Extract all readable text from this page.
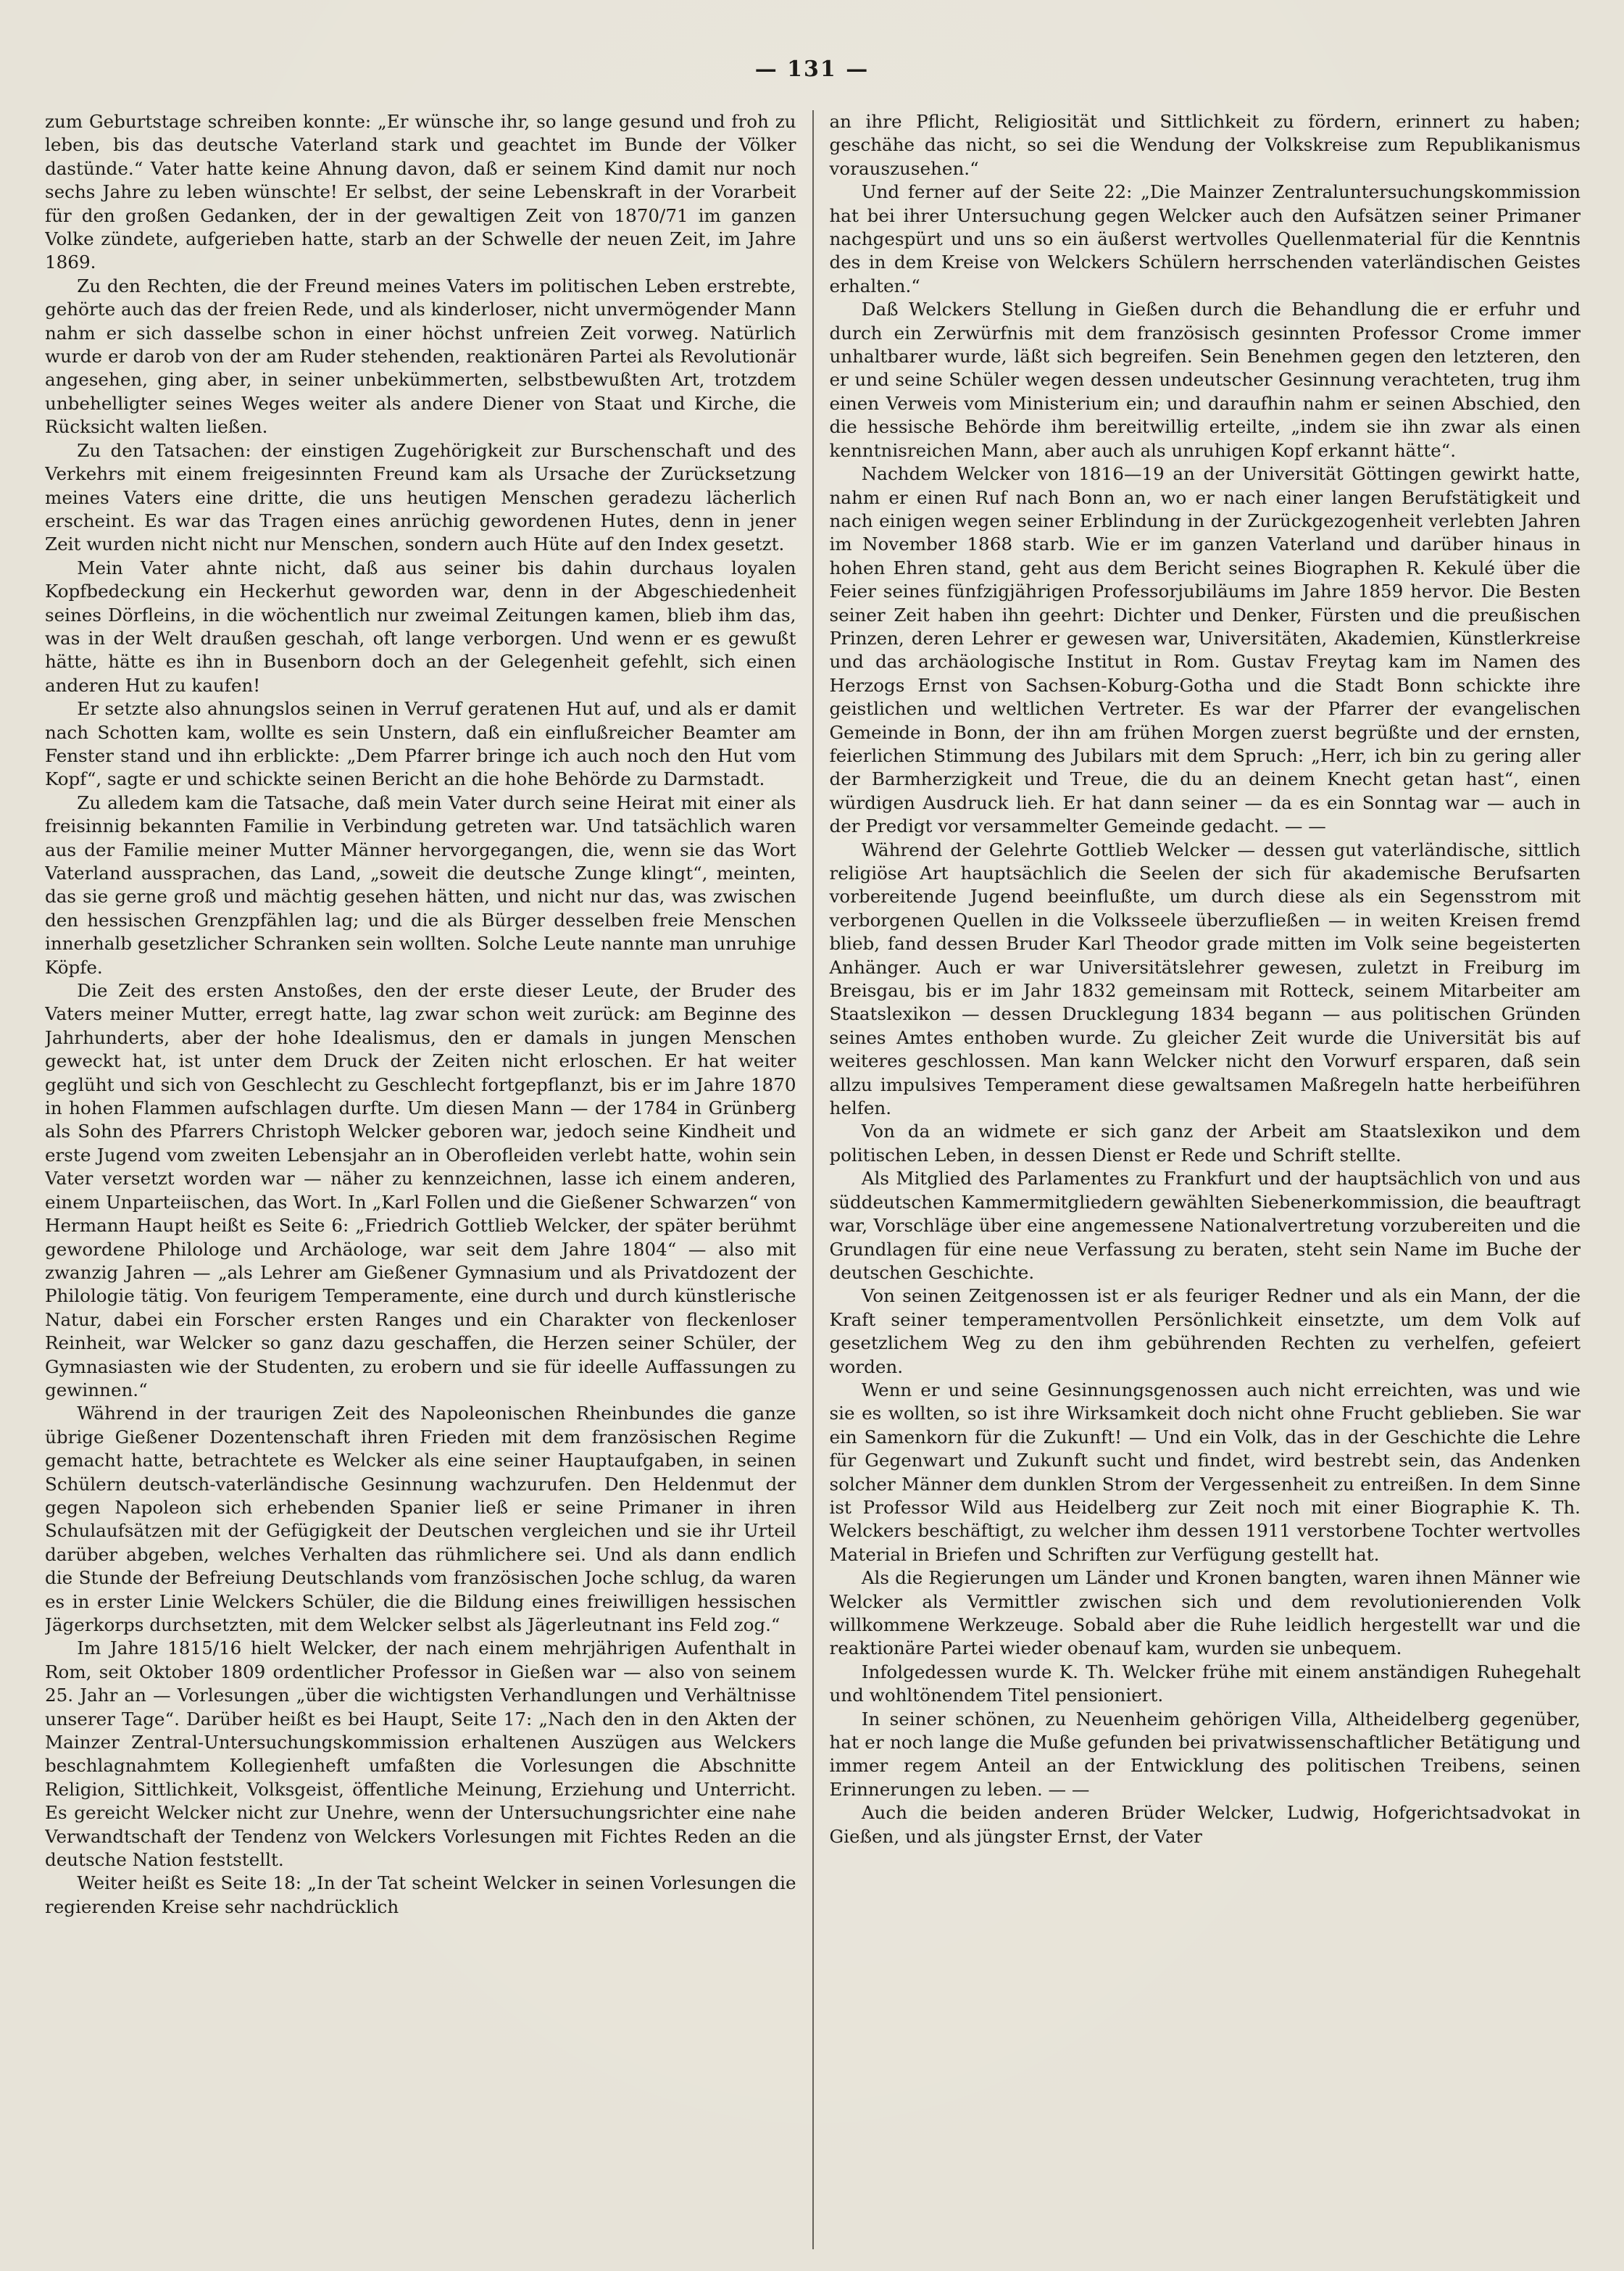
— 131 —

zum Geburtstage schreiben konnte: „Er wünsche ihr, so lange gesund und froh zu leben, bis das deutsche Vaterland stark und geachtet im Bunde der Völker dastünde.“ Vater hatte keine Ahnung davon, daß er seinem Kind damit nur noch sechs Jahre zu leben wünschte! Er selbst, der seine Lebenskraft in der Vorarbeit für den großen Gedanken, der in der gewaltigen Zeit von 1870/71 im ganzen Volke zündete, aufgerieben hatte, starb an der Schwelle der neuen Zeit, im Jahre 1869.

Zu den Rechten, die der Freund meines Vaters im politischen Leben erstrebte, gehörte auch das der freien Rede, und als kinderloser, nicht unvermögender Mann nahm er sich dasselbe schon in einer höchst unfreien Zeit vorweg. Natürlich wurde er darob von der am Ruder stehenden, reaktionären Partei als Revolutionär angesehen, ging aber, in seiner unbekümmerten, selbstbewußten Art, trotzdem unbehelligter seines Weges weiter als andere Diener von Staat und Kirche, die Rücksicht walten ließen.

Zu den Tatsachen: der einstigen Zugehörigkeit zur Burschenschaft und des Verkehrs mit einem freigesinnten Freund kam als Ursache der Zurücksetzung meines Vaters eine dritte, die uns heutigen Menschen geradezu lächerlich erscheint. Es war das Tragen eines anrüchig gewordenen Hutes, denn in jener Zeit wurden nicht nicht nur Menschen, sondern auch Hüte auf den Index gesetzt.

Mein Vater ahnte nicht, daß aus seiner bis dahin durchaus loyalen Kopfbedeckung ein Heckerhut geworden war, denn in der Abgeschiedenheit seines Dörfleins, in die wöchentlich nur zweimal Zeitungen kamen, blieb ihm das, was in der Welt draußen geschah, oft lange verborgen. Und wenn er es gewußt hätte, hätte es ihn in Busenborn doch an der Gelegenheit gefehlt, sich einen anderen Hut zu kaufen!

Er setzte also ahnungslos seinen in Verruf geratenen Hut auf, und als er damit nach Schotten kam, wollte es sein Unstern, daß ein einflußreicher Beamter am Fenster stand und ihn erblickte: „Dem Pfarrer bringe ich auch noch den Hut vom Kopf“, sagte er und schickte seinen Bericht an die hohe Behörde zu Darmstadt.

Zu alledem kam die Tatsache, daß mein Vater durch seine Heirat mit einer als freisinnig bekannten Familie in Verbindung getreten war. Und tatsächlich waren aus der Familie meiner Mutter Männer hervorgegangen, die, wenn sie das Wort Vaterland aussprachen, das Land, „soweit die deutsche Zunge klingt“, meinten, das sie gerne groß und mächtig gesehen hätten, und nicht nur das, was zwischen den hessischen Grenzpfählen lag; und die als Bürger desselben freie Menschen innerhalb gesetzlicher Schranken sein wollten. Solche Leute nannte man unruhige Köpfe.

Die Zeit des ersten Anstoßes, den der erste dieser Leute, der Bruder des Vaters meiner Mutter, erregt hatte, lag zwar schon weit zurück: am Beginne des Jahrhunderts, aber der hohe Idealismus, den er damals in jungen Menschen geweckt hat, ist unter dem Druck der Zeiten nicht erloschen. Er hat weiter geglüht und sich von Geschlecht zu Geschlecht fortgepflanzt, bis er im Jahre 1870 in hohen Flammen aufschlagen durfte. Um diesen Mann — der 1784 in Grünberg als Sohn des Pfarrers Christoph Welcker geboren war, jedoch seine Kindheit und erste Jugend vom zweiten Lebensjahr an in Oberofleiden verlebt hatte, wohin sein Vater versetzt worden war — näher zu kennzeichnen, lasse ich einem anderen, einem Unparteiischen, das Wort. In „Karl Follen und die Gießener Schwarzen“ von Hermann Haupt heißt es Seite 6: „Friedrich Gottlieb Welcker, der später berühmt gewordene Philologe und Archäologe, war seit dem Jahre 1804“ — also mit zwanzig Jahren — „als Lehrer am Gießener Gymnasium und als Privatdozent der Philologie tätig. Von feurigem Temperamente, eine durch und durch künstlerische Natur, dabei ein Forscher ersten Ranges und ein Charakter von fleckenloser Reinheit, war Welcker so ganz dazu geschaffen, die Herzen seiner Schüler, der Gymnasiasten wie der Studenten, zu erobern und sie für ideelle Auffassungen zu gewinnen.“

Während in der traurigen Zeit des Napoleonischen Rheinbundes die ganze übrige Gießener Dozentenschaft ihren Frieden mit dem französischen Regime gemacht hatte, betrachtete es Welcker als eine seiner Hauptaufgaben, in seinen Schülern deutsch-vaterländische Gesinnung wachzurufen. Den Heldenmut der gegen Napoleon sich erhebenden Spanier ließ er seine Primaner in ihren Schulaufsätzen mit der Gefügigkeit der Deutschen vergleichen und sie ihr Urteil darüber abgeben, welches Verhalten das rühmlichere sei. Und als dann endlich die Stunde der Befreiung Deutschlands vom französischen Joche schlug, da waren es in erster Linie Welckers Schüler, die die Bildung eines freiwilligen hessischen Jägerkorps durchsetzten, mit dem Welcker selbst als Jägerleutnant ins Feld zog.“

Im Jahre 1815/16 hielt Welcker, der nach einem mehrjährigen Aufenthalt in Rom, seit Oktober 1809 ordentlicher Professor in Gießen war — also von seinem 25. Jahr an — Vorlesungen „über die wichtigsten Verhandlungen und Verhältnisse unserer Tage“. Darüber heißt es bei Haupt, Seite 17: „Nach den in den Akten der Mainzer Zentral-Untersuchungskommission erhaltenen Auszügen aus Welckers beschlagnahmtem Kollegienheft umfaßten die Vorlesungen die Abschnitte Religion, Sittlichkeit, Volksgeist, öffentliche Meinung, Erziehung und Unterricht. Es gereicht Welcker nicht zur Unehre, wenn der Untersuchungsrichter eine nahe Verwandtschaft der Tendenz von Welckers Vorlesungen mit Fichtes Reden an die deutsche Nation feststellt.

Weiter heißt es Seite 18: „In der Tat scheint Welcker in seinen Vorlesungen die regierenden Kreise sehr nachdrücklich

an ihre Pflicht, Religiosität und Sittlichkeit zu fördern, erinnert zu haben; geschähe das nicht, so sei die Wendung der Volkskreise zum Republikanismus vorauszusehen.“

Und ferner auf der Seite 22: „Die Mainzer Zentraluntersuchungskommission hat bei ihrer Untersuchung gegen Welcker auch den Aufsätzen seiner Primaner nachgespürt und uns so ein äußerst wertvolles Quellenmaterial für die Kenntnis des in dem Kreise von Welckers Schülern herrschenden vaterländischen Geistes erhalten.“

Daß Welckers Stellung in Gießen durch die Behandlung die er erfuhr und durch ein Zerwürfnis mit dem französisch gesinnten Professor Crome immer unhaltbarer wurde, läßt sich begreifen. Sein Benehmen gegen den letzteren, den er und seine Schüler wegen dessen undeutscher Gesinnung verachteten, trug ihm einen Verweis vom Ministerium ein; und daraufhin nahm er seinen Abschied, den die hessische Behörde ihm bereitwillig erteilte, „indem sie ihn zwar als einen kenntnisreichen Mann, aber auch als unruhigen Kopf erkannt hätte“.

Nachdem Welcker von 1816—19 an der Universität Göttingen gewirkt hatte, nahm er einen Ruf nach Bonn an, wo er nach einer langen Berufstätigkeit und nach einigen wegen seiner Erblindung in der Zurückgezogenheit verlebten Jahren im November 1868 starb. Wie er im ganzen Vaterland und darüber hinaus in hohen Ehren stand, geht aus dem Bericht seines Biographen R. Kekulé über die Feier seines fünfzigjährigen Professorjubiläums im Jahre 1859 hervor. Die Besten seiner Zeit haben ihn geehrt: Dichter und Denker, Fürsten und die preußischen Prinzen, deren Lehrer er gewesen war, Universitäten, Akademien, Künstlerkreise und das archäologische Institut in Rom. Gustav Freytag kam im Namen des Herzogs Ernst von Sachsen-Koburg-Gotha und die Stadt Bonn schickte ihre geistlichen und weltlichen Vertreter. Es war der Pfarrer der evangelischen Gemeinde in Bonn, der ihn am frühen Morgen zuerst begrüßte und der ernsten, feierlichen Stimmung des Jubilars mit dem Spruch: „Herr, ich bin zu gering aller der Barmherzigkeit und Treue, die du an deinem Knecht getan hast“, einen würdigen Ausdruck lieh. Er hat dann seiner — da es ein Sonntag war — auch in der Predigt vor versammelter Gemeinde gedacht. — —

Während der Gelehrte Gottlieb Welcker — dessen gut vaterländische, sittlich religiöse Art hauptsächlich die Seelen der sich für akademische Berufsarten vorbereitende Jugend beeinflußte, um durch diese als ein Segensstrom mit verborgenen Quellen in die Volksseele überzufließen — in weiten Kreisen fremd blieb, fand dessen Bruder Karl Theodor grade mitten im Volk seine begeisterten Anhänger. Auch er war Universitätslehrer gewesen, zuletzt in Freiburg im Breisgau, bis er im Jahr 1832 gemeinsam mit Rotteck, seinem Mitarbeiter am Staatslexikon — dessen Drucklegung 1834 begann — aus politischen Gründen seines Amtes enthoben wurde. Zu gleicher Zeit wurde die Universität bis auf weiteres geschlossen. Man kann Welcker nicht den Vorwurf ersparen, daß sein allzu impulsives Temperament diese gewaltsamen Maßregeln hatte herbeiführen helfen.

Von da an widmete er sich ganz der Arbeit am Staatslexikon und dem politischen Leben, in dessen Dienst er Rede und Schrift stellte.

Als Mitglied des Parlamentes zu Frankfurt und der hauptsächlich von und aus süddeutschen Kammermitgliedern gewählten Siebenerkommission, die beauftragt war, Vorschläge über eine angemessene Nationalvertretung vorzubereiten und die Grundlagen für eine neue Verfassung zu beraten, steht sein Name im Buche der deutschen Geschichte.

Von seinen Zeitgenossen ist er als feuriger Redner und als ein Mann, der die Kraft seiner temperamentvollen Persönlichkeit einsetzte, um dem Volk auf gesetzlichem Weg zu den ihm gebührenden Rechten zu verhelfen, gefeiert worden.

Wenn er und seine Gesinnungsgenossen auch nicht erreichten, was und wie sie es wollten, so ist ihre Wirksamkeit doch nicht ohne Frucht geblieben. Sie war ein Samenkorn für die Zukunft! — Und ein Volk, das in der Geschichte die Lehre für Gegenwart und Zukunft sucht und findet, wird bestrebt sein, das Andenken solcher Männer dem dunklen Strom der Vergessenheit zu entreißen. In dem Sinne ist Professor Wild aus Heidelberg zur Zeit noch mit einer Biographie K. Th. Welckers beschäftigt, zu welcher ihm dessen 1911 verstorbene Tochter wertvolles Material in Briefen und Schriften zur Verfügung gestellt hat.

Als die Regierungen um Länder und Kronen bangten, waren ihnen Männer wie Welcker als Vermittler zwischen sich und dem revolutionierenden Volk willkommene Werkzeuge. Sobald aber die Ruhe leidlich hergestellt war und die reaktionäre Partei wieder obenauf kam, wurden sie unbequem.

Infolgedessen wurde K. Th. Welcker frühe mit einem anständigen Ruhegehalt und wohltönendem Titel pensioniert.

In seiner schönen, zu Neuenheim gehörigen Villa, Altheidelberg gegenüber, hat er noch lange die Muße gefunden bei privatwissenschaftlicher Betätigung und immer regem Anteil an der Entwicklung des politischen Treibens, seinen Erinnerungen zu leben. — —

Auch die beiden anderen Brüder Welcker, Ludwig, Hofgerichtsadvokat in Gießen, und als jüngster Ernst, der Vater
